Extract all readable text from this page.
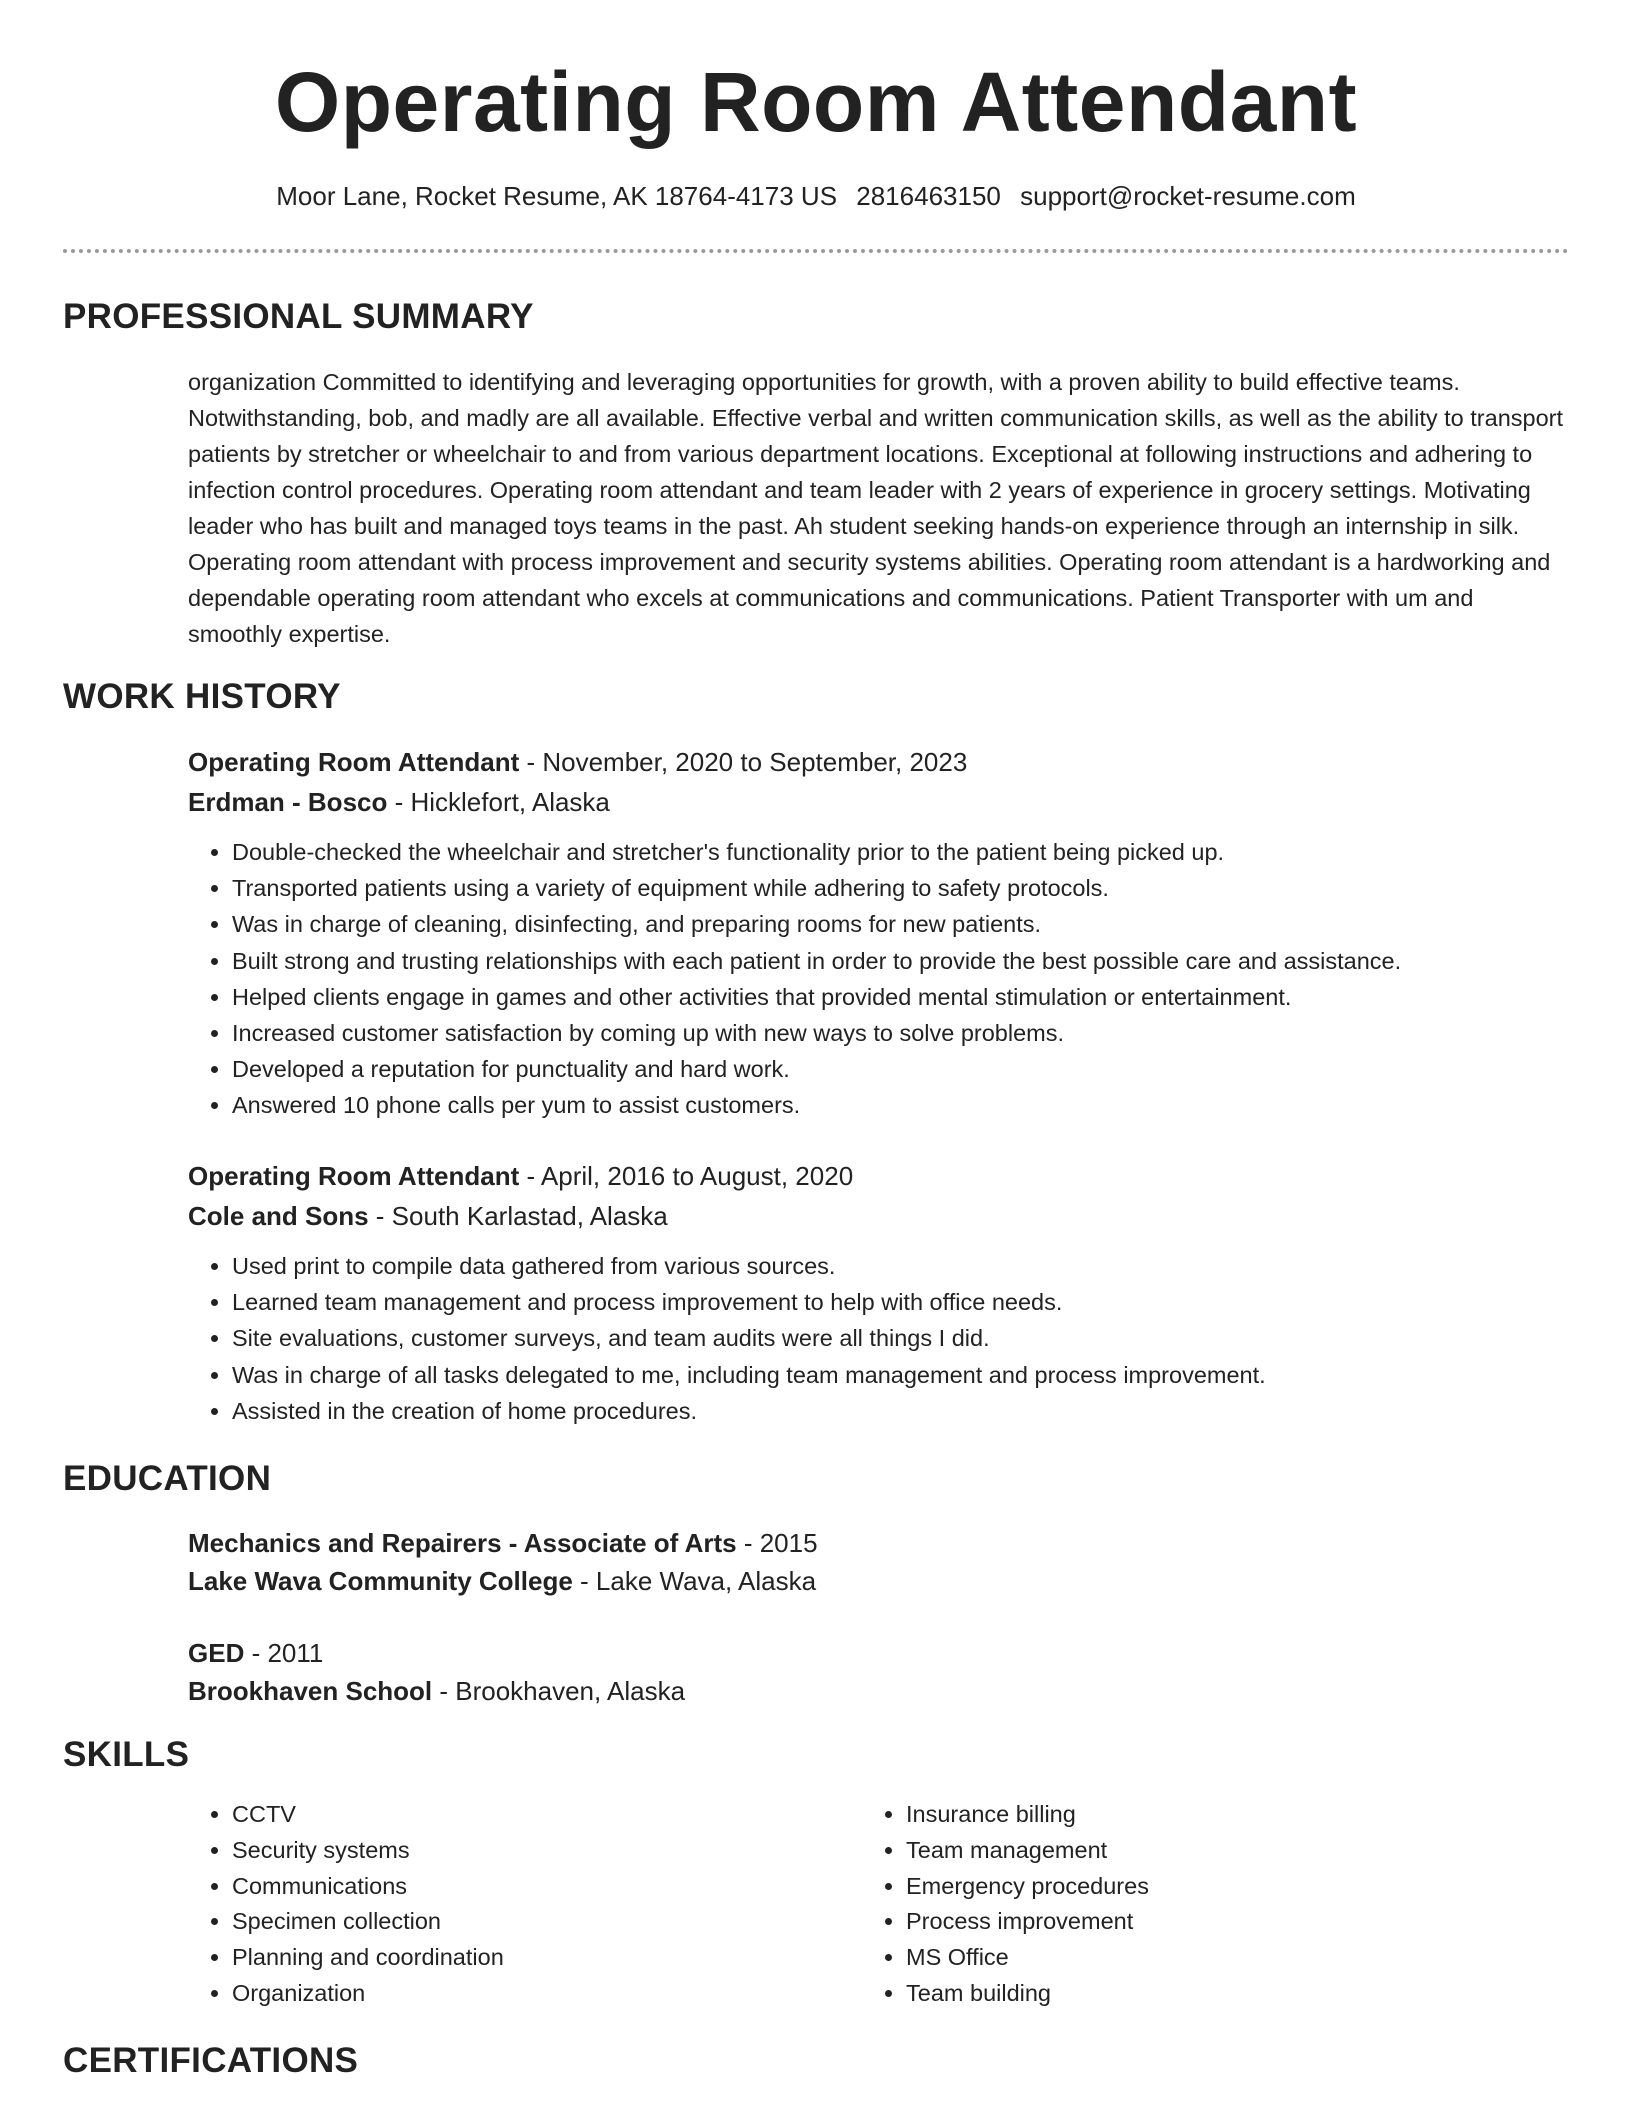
Operating Room Attendant
Moor Lane, Rocket Resume, AK 18764-4173 US 2816463150 support@rocket-resume.com
PROFESSIONAL SUMMARY

organization Committed to identifying and leveraging opportunities for growth, with a proven ability to build effective teams. Notwithstanding, bob, and madly are all available. Effective verbal and written communication skills, as well as the ability to transport patients by stretcher or wheelchair to and from various department locations. Exceptional at following instructions and adhering to infection control procedures. Operating room attendant and team leader with 2 years of experience in grocery settings. Motivating leader who has built and managed toys teams in the past. Ah student seeking hands-on experience through an internship in silk. Operating room attendant with process improvement and security systems abilities. Operating room attendant is a hardworking and dependable operating room attendant who excels at communications and communications. Patient Transporter with um and smoothly expertise.

WORK HISTORY
Operating Room Attendant - November, 2020 to September, 2023
Erdman - Bosco - Hicklefort, Alaska
• Double-checked the wheelchair and stretcher's functionality prior to the patient being picked up.
• Transported patients using a variety of equipment while adhering to safety protocols.
• Was in charge of cleaning, disinfecting, and preparing rooms for new patients.
• Built strong and trusting relationships with each patient in order to provide the best possible care and assistance.
• Helped clients engage in games and other activities that provided mental stimulation or entertainment.
• Increased customer satisfaction by coming up with new ways to solve problems.
• Developed a reputation for punctuality and hard work.
• Answered 10 phone calls per yum to assist customers.
Operating Room Attendant - April, 2016 to August, 2020
Cole and Sons - South Karlastad, Alaska
• Used print to compile data gathered from various sources.
• Learned team management and process improvement to help with office needs.
• Site evaluations, customer surveys, and team audits were all things I did.
• Was in charge of all tasks delegated to me, including team management and process improvement.
• Assisted in the creation of home procedures.
EDUCATION
Mechanics and Repairers - Associate of Arts - 2015
Lake Wava Community College - Lake Wava, Alaska
GED - 2011
Brookhaven School - Brookhaven, Alaska
SKILLS
• CCTV
• Security systems
• Communications
• Specimen collection
• Planning and coordination
• Organization
• Insurance billing
• Team management
• Emergency procedures
• Process improvement
• MS Office
• Team building
CERTIFICATIONS
